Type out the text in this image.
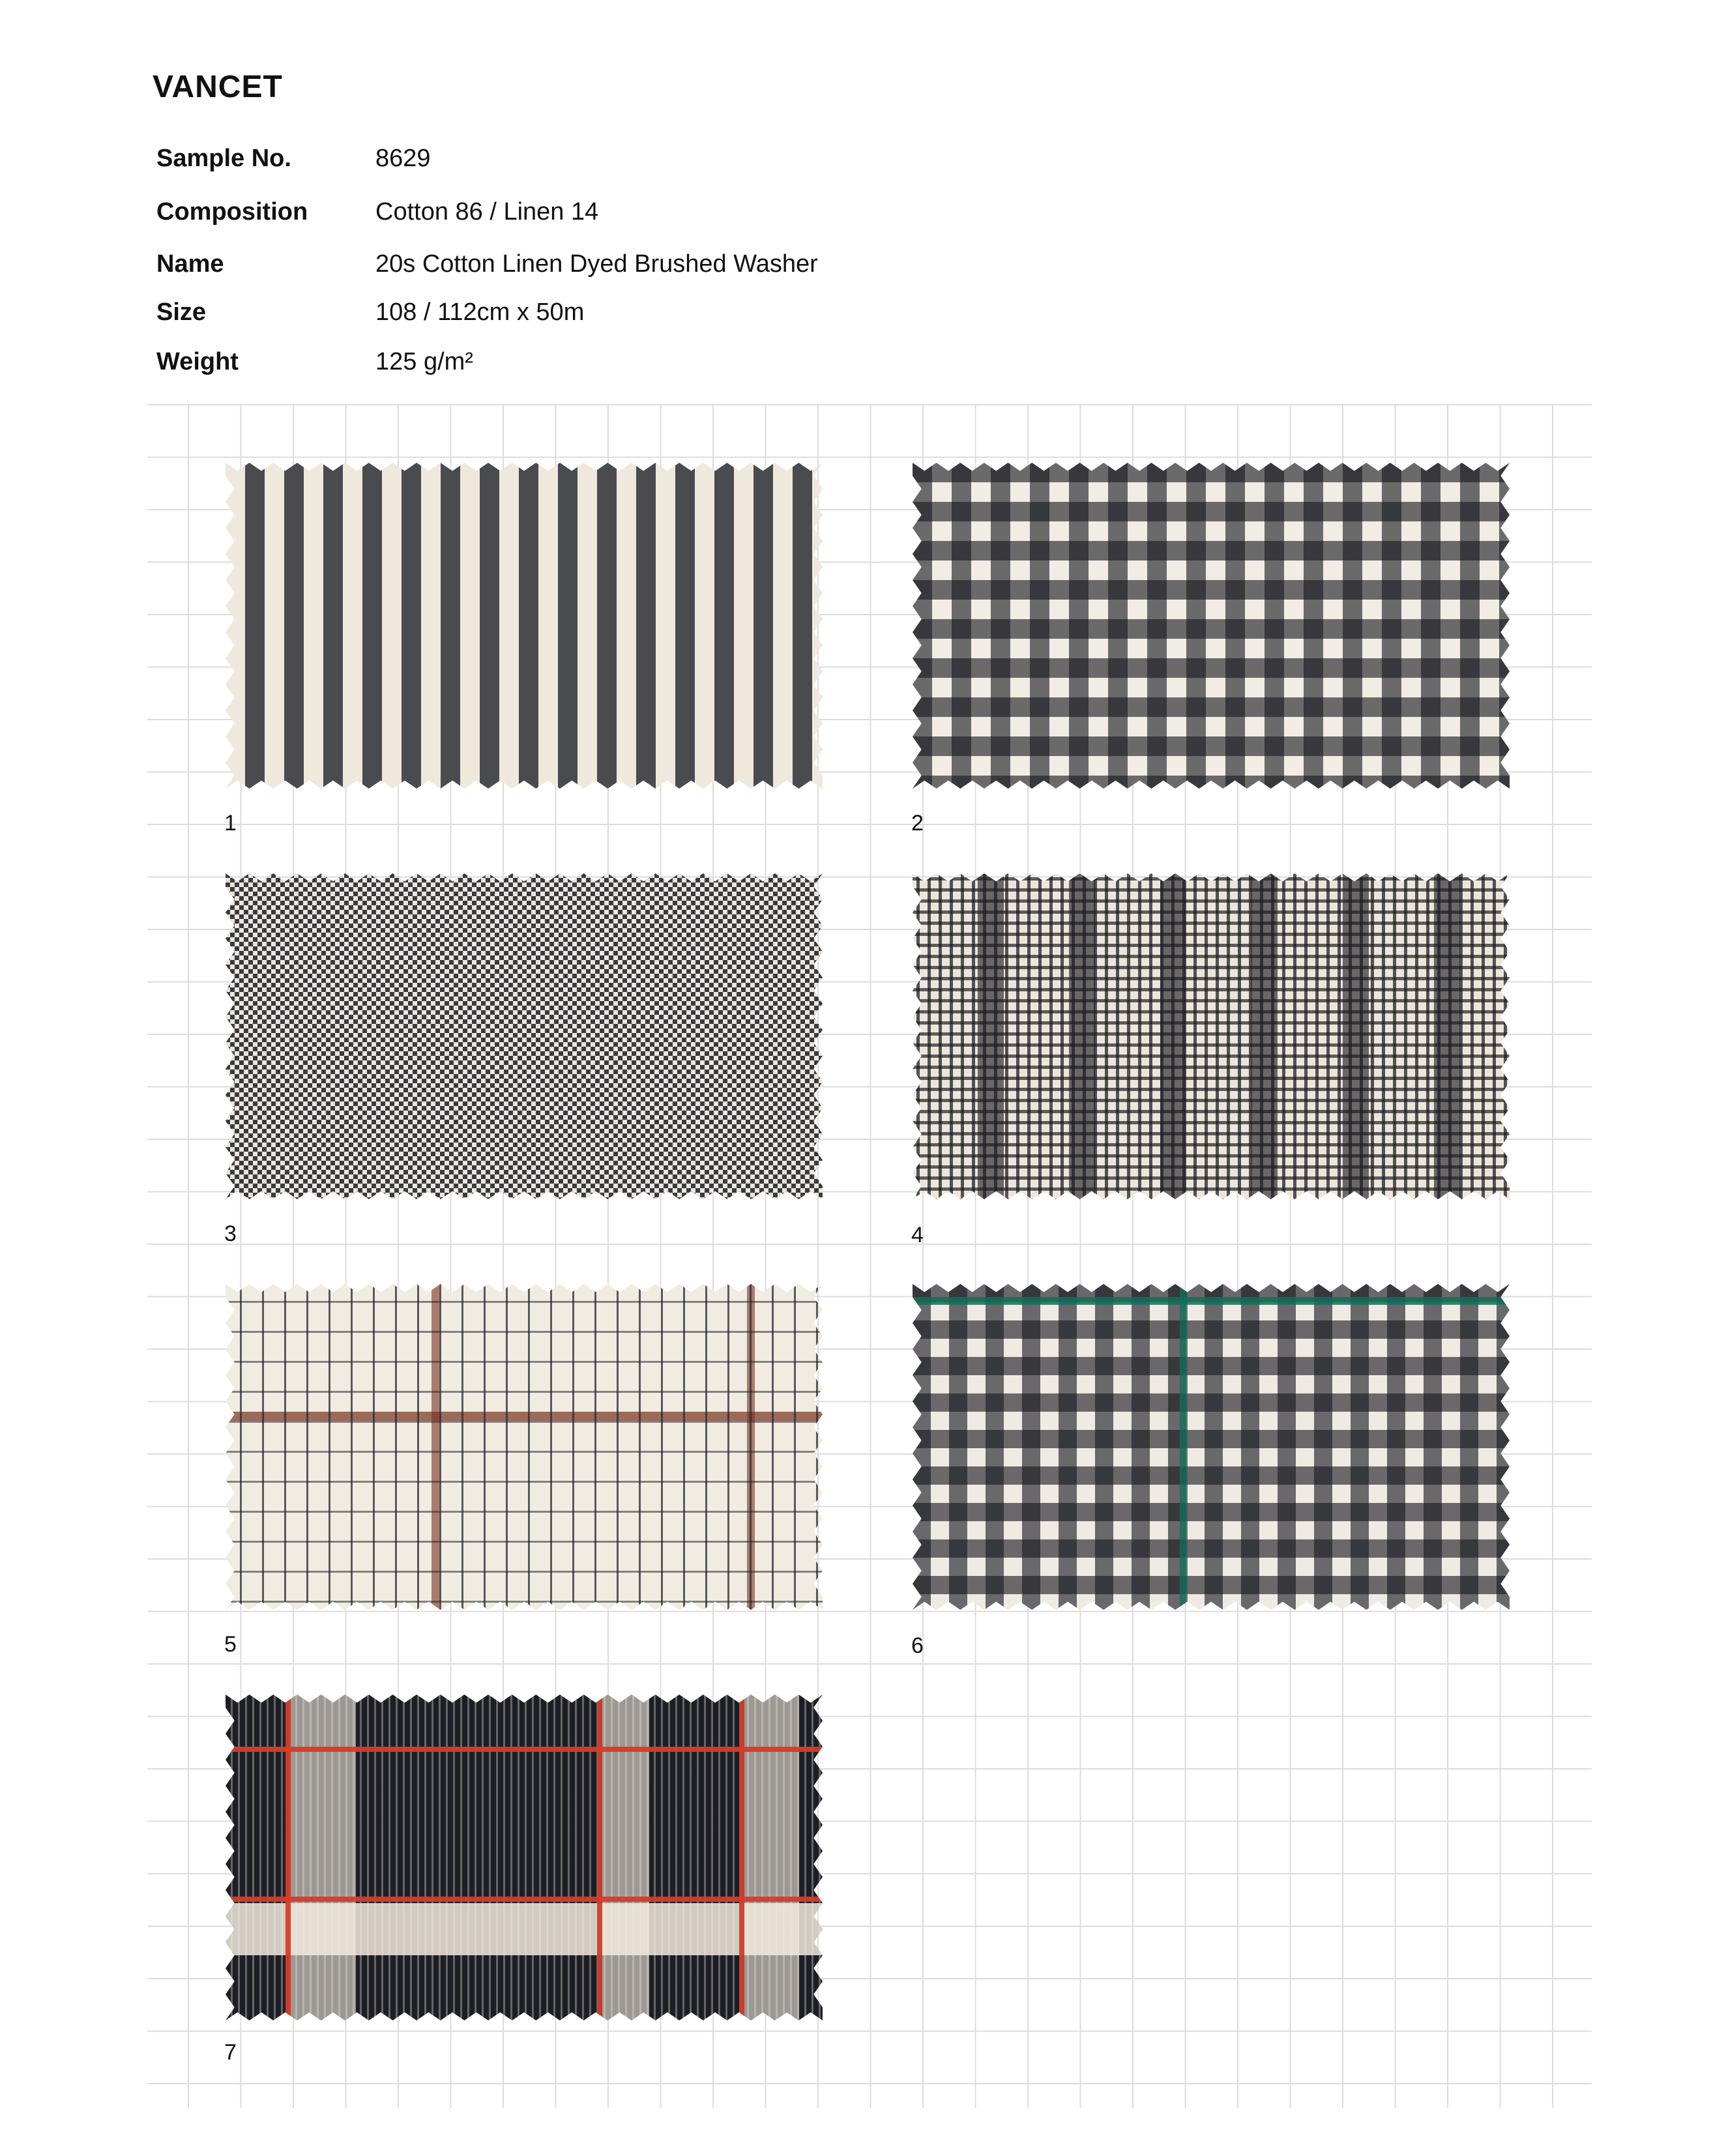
VANCET
Sample No.	8629
Composition	Cotton 86 / Linen 14
Name	20s Cotton Linen Dyed Brushed Washer
Size	108 / 112cm x 50m
Weight	125 g/m²
1	2
3	4
5	6
7
